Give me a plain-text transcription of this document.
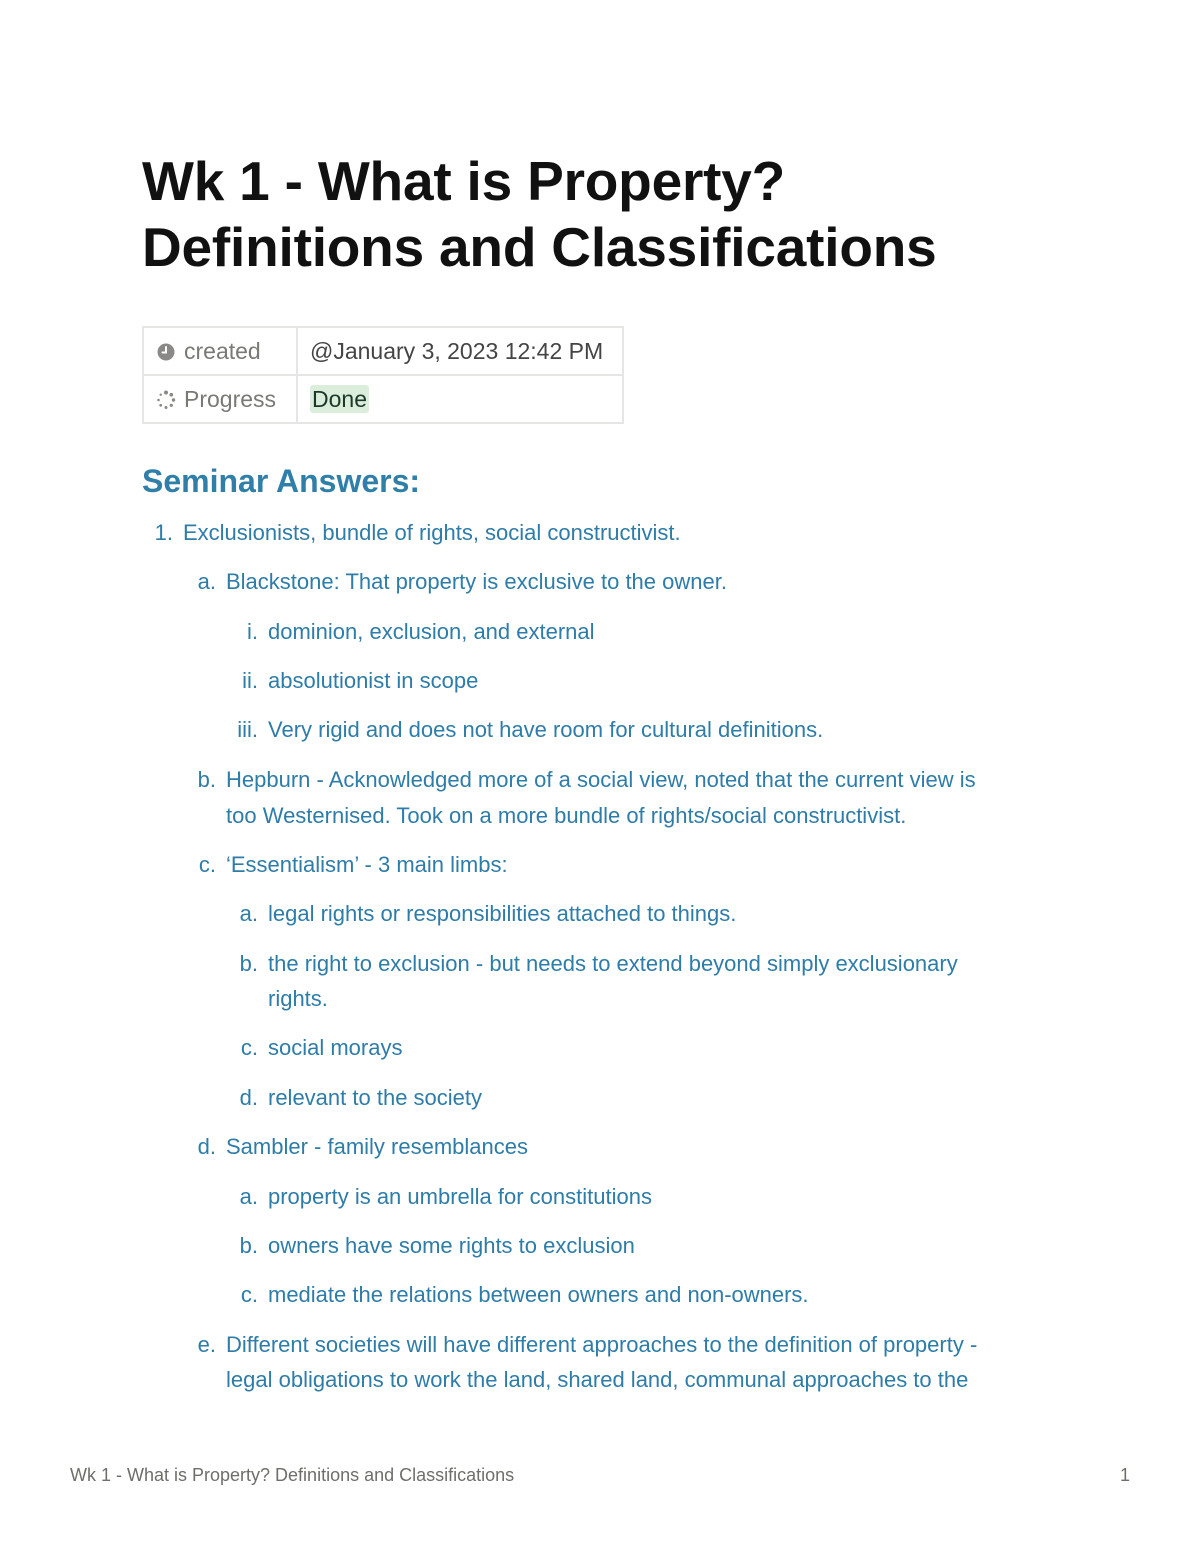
Wk 1 - What is Property?
Definitions and Classifications
created	@January 3, 2023 12:42 PM
Progress	Done
Seminar Answers:
1. Exclusionists, bundle of rights, social constructivist.
a. Blackstone: That property is exclusive to the owner.
i. dominion, exclusion, and external
ii. absolutionist in scope
iii. Very rigid and does not have room for cultural definitions.
b. Hepburn - Acknowledged more of a social view, noted that the current view is
too Westernised. Took on a more bundle of rights/social constructivist.
c. ‘Essentialism’ - 3 main limbs:
a. legal rights or responsibilities attached to things.
b. the right to exclusion - but needs to extend beyond simply exclusionary
rights.
c. social morays
d. relevant to the society
d. Sambler - family resemblances
a. property is an umbrella for constitutions
b. owners have some rights to exclusion
c. mediate the relations between owners and non-owners.
e. Different societies will have different approaches to the definition of property -
legal obligations to work the land, shared land, communal approaches to the
Wk 1 - What is Property? Definitions and Classifications	1
